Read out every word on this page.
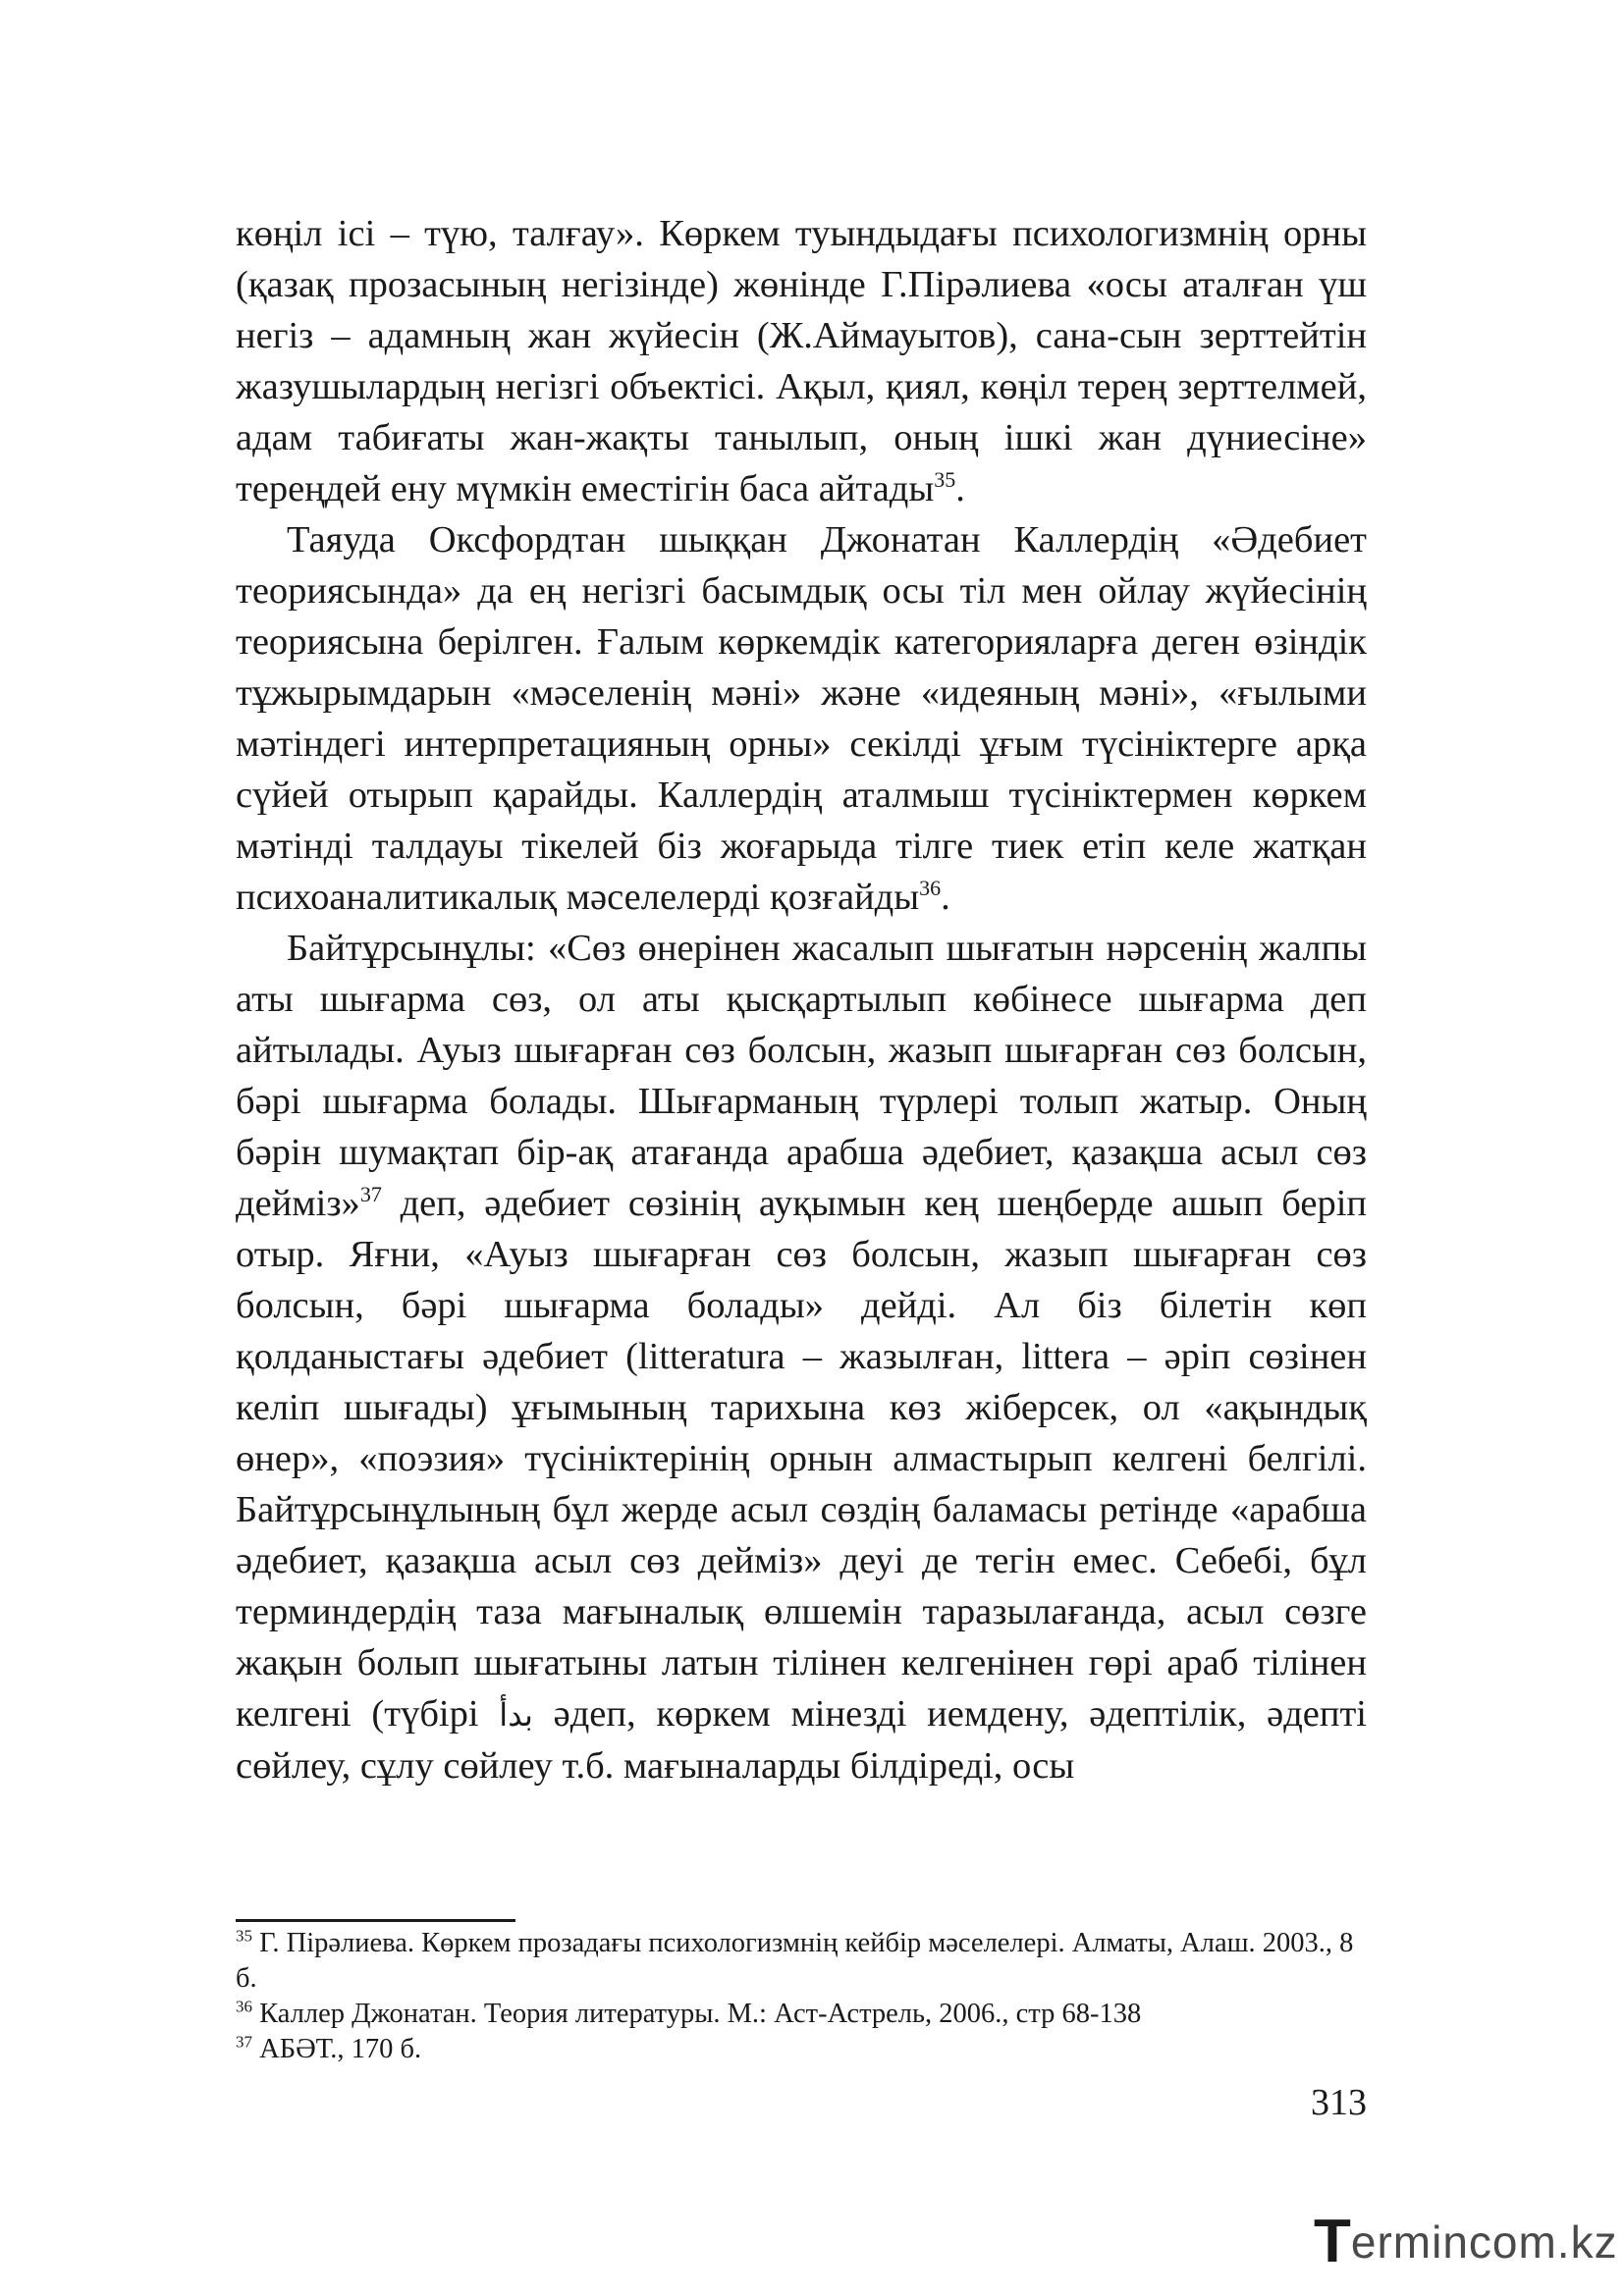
көңіл ісі – түю, талғау». Көркем туындыдағы психологизмнің орны (қазақ прозасының негізінде) жөнінде Г.Пірәлиева «осы аталған үш негіз – адамның жан жүйесін (Ж.Аймауытов), сана-сын зерттейтін жазушылардың негізгі объектісі. Ақыл, қиял, көңіл терең зерттелмей, адам табиғаты жан-жақты танылып, оның ішкі жан дүниесіне» тереңдей ену мүмкін еместігін баса айтады$^{35}$.

Таяуда Оксфордтан шыққан Джонатан Каллердің «Әдебиет теориясында» да ең негізгі басымдық осы тіл мен ойлау жүйесінің теориясына берілген. Ғалым көркемдік категорияларға деген өзіндік тұжырымдарын «мәселенің мәні» және «идеяның мәні», «ғылыми мәтіндегі интерпретацияның орны» секілді ұғым түсініктерге арқа сүйей отырып қарайды. Каллердің аталмыш түсініктермен көркем мәтінді талдауы тікелей біз жоғарыда тілге тиек етіп келе жатқан психоаналитикалық мәселелерді қозғайды$^{36}$.

Байтұрсынұлы: «Сөз өнерінен жасалып шығатын нәрсенің жалпы аты шығарма сөз, ол аты қысқартылып көбінесе шығарма деп айтылады. Ауыз шығарған сөз болсын, жазып шығарған сөз болсын, бәрі шығарма болады. Шығарманың түрлері толып жатыр. Оның бәрін шумақтап бір-ақ атағанда арабша әдебиет, қазақша асыл сөз дейміз»$^{37}$ деп, әдебиет сөзінің ауқымын кең шеңберде ашып беріп отыр. Яғни, «Ауыз шығарған сөз болсын, жазып шығарған сөз болсын, бәрі шығарма болады» дейді. Ал біз білетін көп қолданыстағы әдебиет (litteratura – жазылған, littera – әріп сөзінен келіп шығады) ұғымының тарихына көз жіберсек, ол «ақындық өнер», «поэзия» түсініктерінің орнын алмастырып келгені белгілі. Байтұрсынұлының бұл жерде асыл сөздің баламасы ретінде «арабша әдебиет, қазақша асыл сөз дейміз» деуі де тегін емес. Себебі, бұл терминдердің таза мағыналық өлшемін таразылағанда, асыл сөзге жақын болып шығатыны латын тілінен келгенінен гөрі араб тілінен келгені (түбірі بدأ әдеп, көркем мінезді иемдену, әдептілік, әдепті сөйлеу, сұлу сөйлеу т.б. мағыналарды білдіреді, осы

$^{35}$ Г. Пірәлиева. Көркем прозадағы психологизмнің кейбір мәселелері. Алматы, Алаш. 2003., 8 б.

$^{36}$ Каллер Джонатан. Теория литературы. М.: Аст-Астрель, 2006., стр 68-138

$^{37}$ АБӘТ., 170 б.

313
T ermincom.kz
